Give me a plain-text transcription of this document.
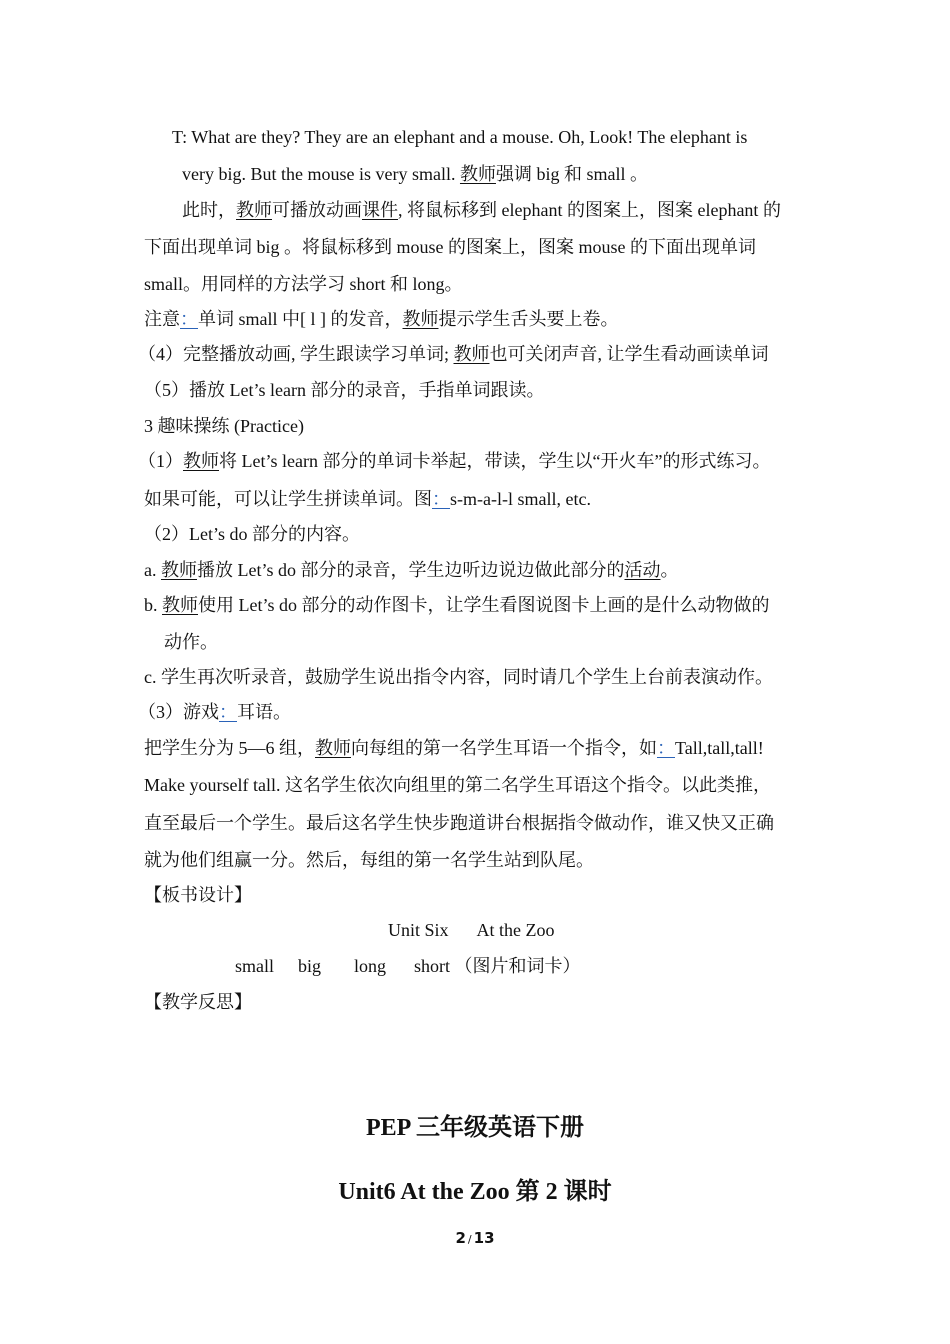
T: What are they? They are an elephant and a mouse. Oh, Look! The elephant is
very big. But the mouse is very small. 教师强调 big 和 small 。
此时，教师可播放动画课件, 将鼠标移到 elephant 的图案上，图案 elephant 的
下面出现单词 big 。将鼠标移到 mouse 的图案上，图案 mouse 的下面出现单词
small。用同样的方法学习 short 和 long。
注意：单词 small 中[ l ] 的发音，教师提示学生舌头要上卷。
（4）完整播放动画, 学生跟读学习单词; 教师也可关闭声音, 让学生看动画读单词
（5）播放 Let’s learn 部分的录音，手指单词跟读。
3 趣味操练 (Practice)
（1）教师将 Let’s learn 部分的单词卡举起，带读，学生以“开火车”的形式练习。
如果可能，可以让学生拼读单词。图：s-m-a-l-l small, etc.
（2）Let’s do 部分的内容。
a. 教师播放 Let’s do 部分的录音，学生边听边说边做此部分的活动。
b. 教师使用 Let’s do 部分的动作图卡，让学生看图说图卡上画的是什么动物做的
动作。
c. 学生再次听录音，鼓励学生说出指令内容，同时请几个学生上台前表演动作。
（3）游戏：耳语。
把学生分为 5—6 组，教师向每组的第一名学生耳语一个指令，如：Tall,tall,tall!
Make yourself tall. 这名学生依次向组里的第二名学生耳语这个指令。以此类推，
直至最后一个学生。最后这名学生快步跑道讲台根据指令做动作，谁又快又正确
就为他们组赢一分。然后，每组的第一名学生站到队尾。
【板书设计】
Unit Six At the Zoo
small big long short （图片和词卡）
【教学反思】
PEP 三年级英语下册
Unit6 At the Zoo 第 2 课时
2 / 13
